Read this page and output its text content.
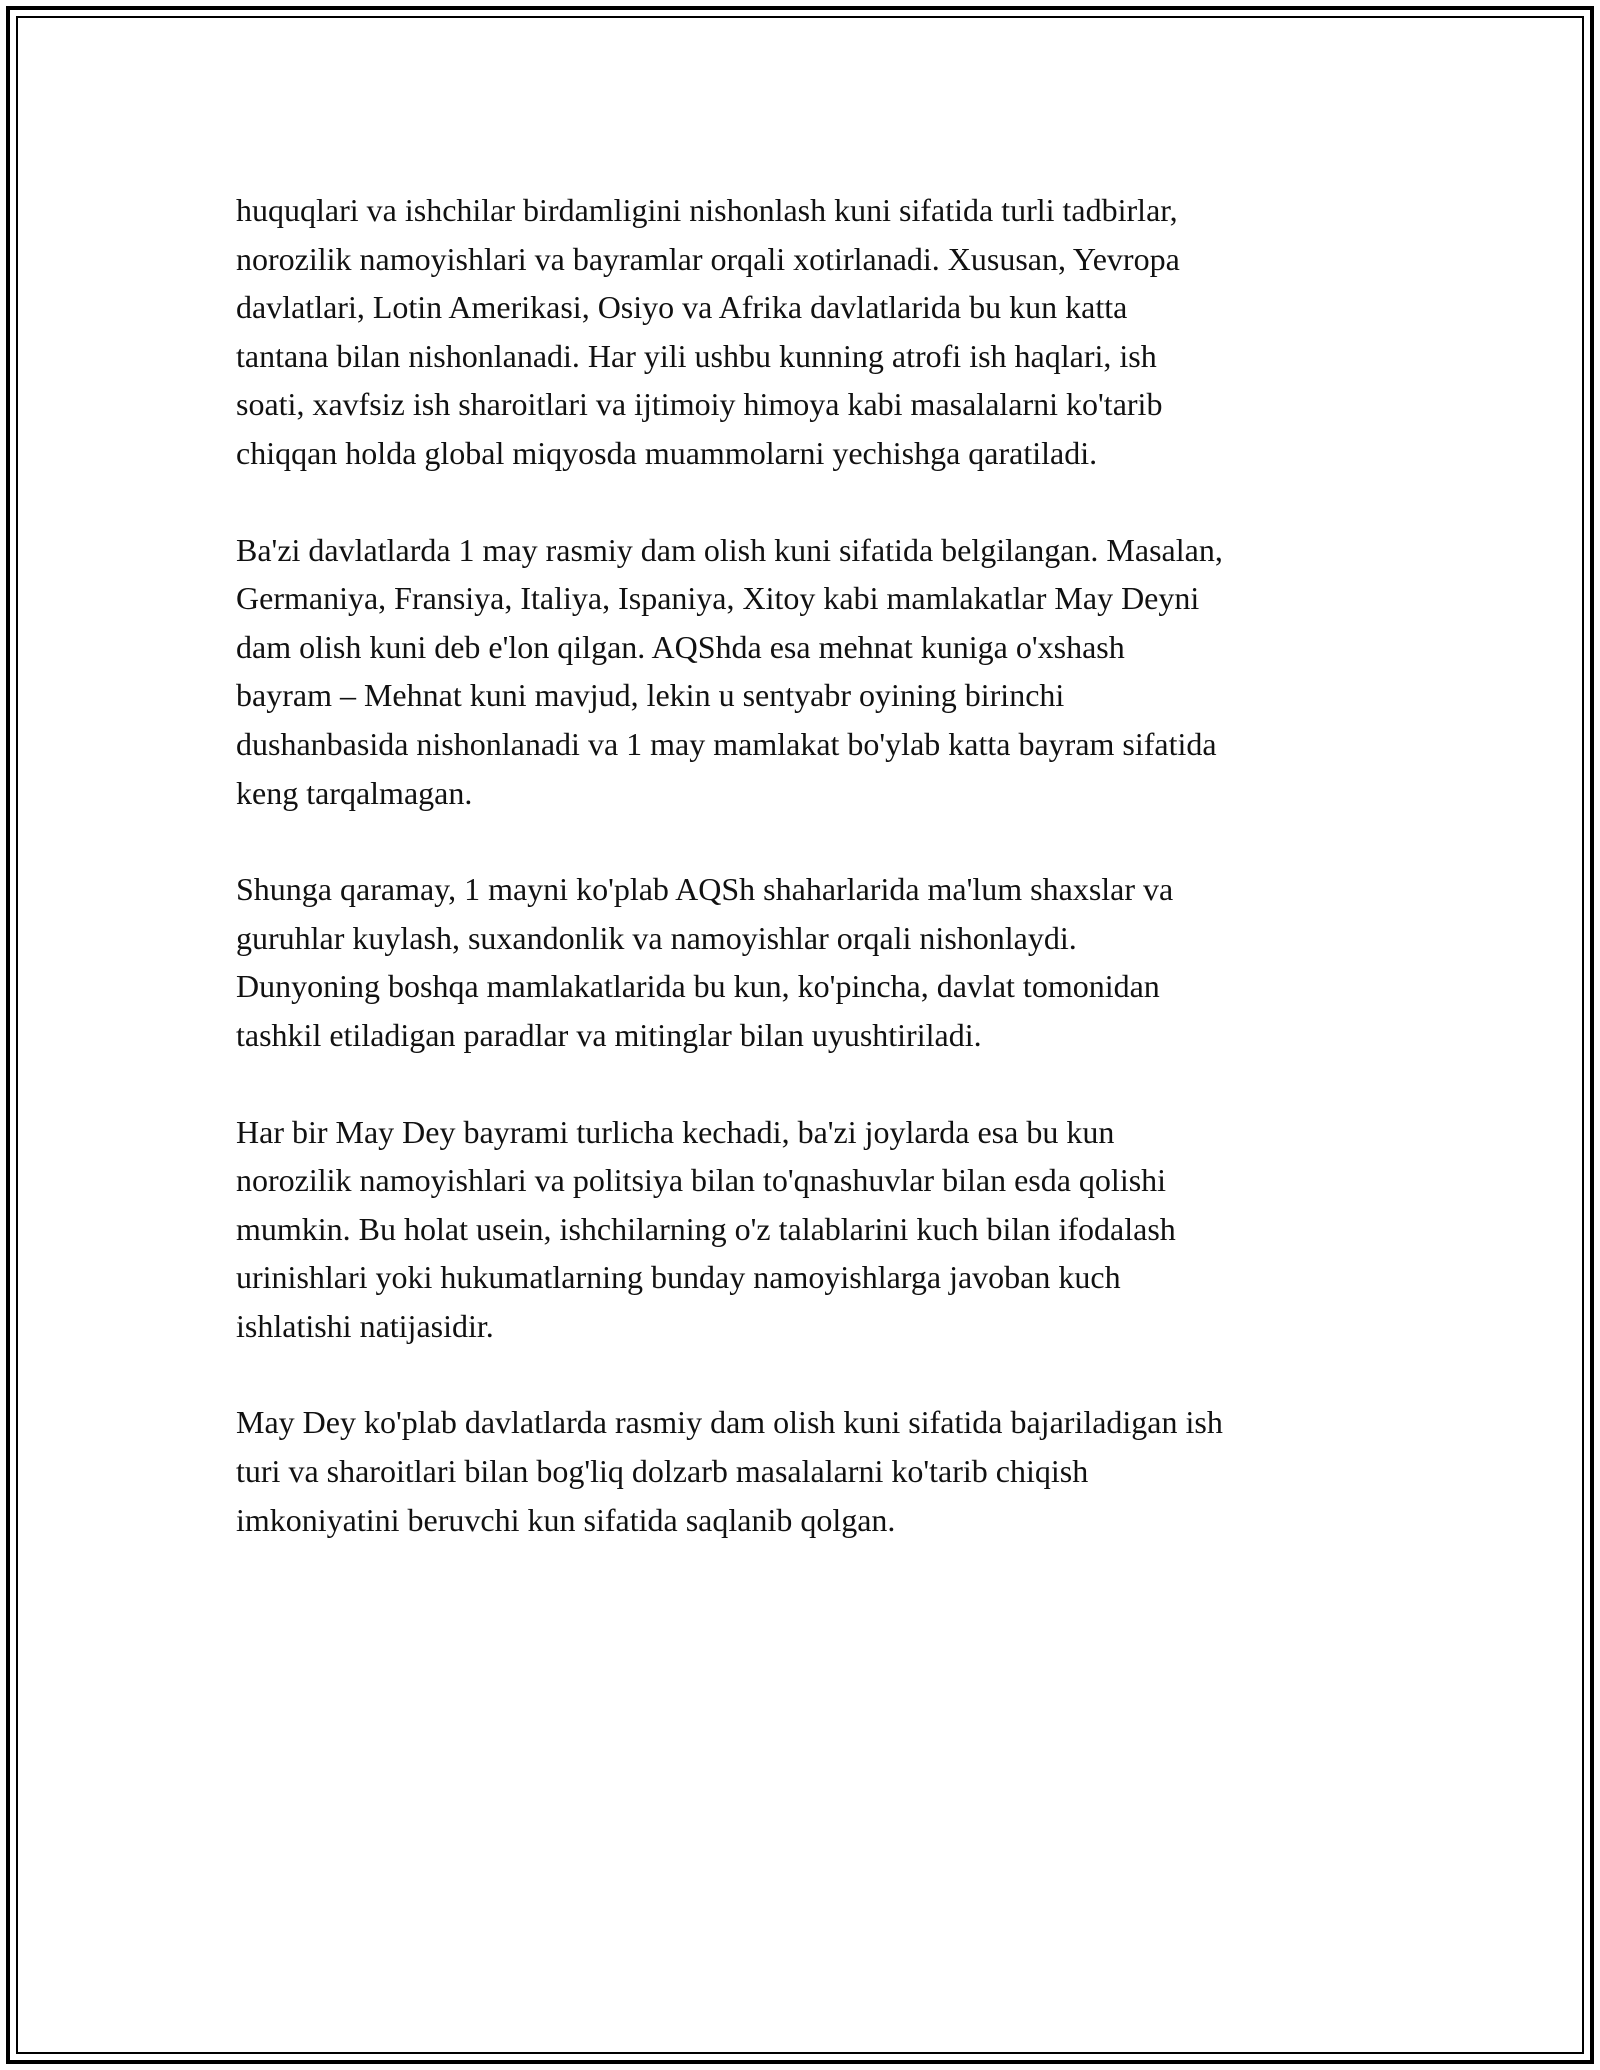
huquqlari va ishchilar birdamligini nishonlash kuni sifatida turli tadbirlar,
norozilik namoyishlari va bayramlar orqali xotirlanadi. Xususan, Yevropa
davlatlari, Lotin Amerikasi, Osiyo va Afrika davlatlarida bu kun katta
tantana bilan nishonlanadi. Har yili ushbu kunning atrofi ish haqlari, ish
soati, xavfsiz ish sharoitlari va ijtimoiy himoya kabi masalalarni ko'tarib
chiqqan holda global miqyosda muammolarni yechishga qaratiladi.

Ba'zi davlatlarda 1 may rasmiy dam olish kuni sifatida belgilangan. Masalan,
Germaniya, Fransiya, Italiya, Ispaniya, Xitoy kabi mamlakatlar May Deyni
dam olish kuni deb e'lon qilgan. AQShda esa mehnat kuniga o'xshash
bayram – Mehnat kuni mavjud, lekin u sentyabr oyining birinchi
dushanbasida nishonlanadi va 1 may mamlakat bo'ylab katta bayram sifatida
keng tarqalmagan.

Shunga qaramay, 1 mayni ko'plab AQSh shaharlarida ma'lum shaxslar va
guruhlar kuylash, suxandonlik va namoyishlar orqali nishonlaydi.
Dunyoning boshqa mamlakatlarida bu kun, ko'pincha, davlat tomonidan
tashkil etiladigan paradlar va mitinglar bilan uyushtiriladi.

Har bir May Dey bayrami turlicha kechadi, ba'zi joylarda esa bu kun
norozilik namoyishlari va politsiya bilan to'qnashuvlar bilan esda qolishi
mumkin. Bu holat usein, ishchilarning o'z talablarini kuch bilan ifodalash
urinishlari yoki hukumatlarning bunday namoyishlarga javoban kuch
ishlatishi natijasidir.

May Dey ko'plab davlatlarda rasmiy dam olish kuni sifatida bajariladigan ish
turi va sharoitlari bilan bog'liq dolzarb masalalarni ko'tarib chiqish
imkoniyatini beruvchi kun sifatida saqlanib qolgan.
